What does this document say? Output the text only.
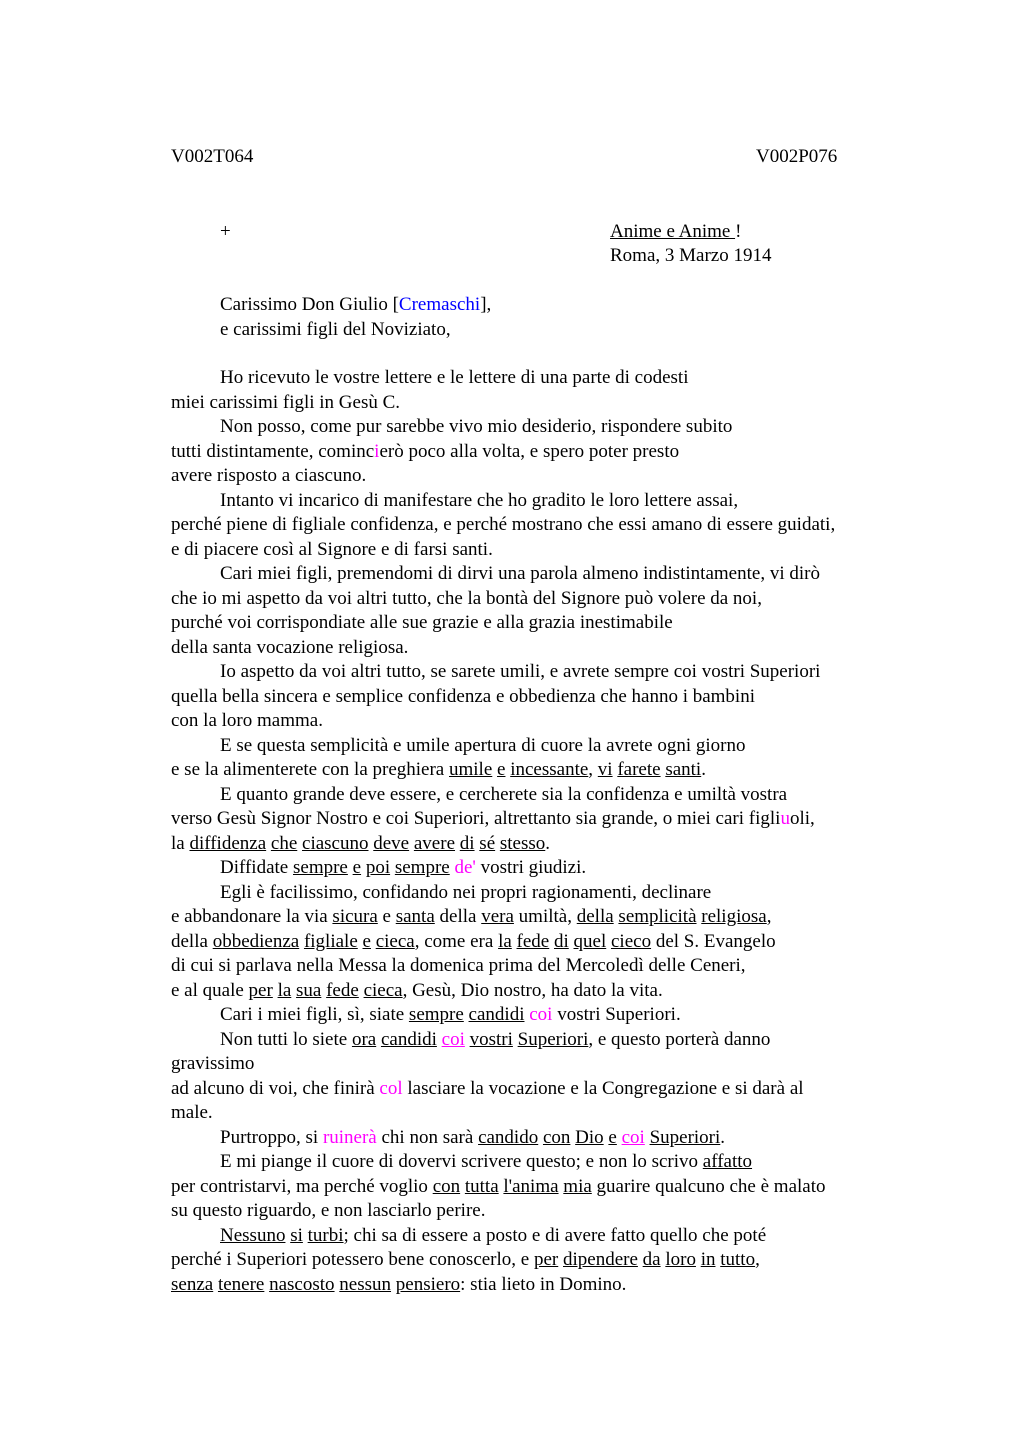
V002T064	V002P076
+	Anime e Anime !
Roma, 3 Marzo 1914
Carissimo Don Giulio [Cremaschi],
e carissimi figli del Noviziato,
Ho ricevuto le vostre lettere e le lettere di una parte di codesti
miei carissimi figli in Gesù C.
Non posso, come pur sarebbe vivo mio desiderio, rispondere subito
tutti distintamente, comincierò poco alla volta, e spero poter presto
avere risposto a ciascuno.
Intanto vi incarico di manifestare che ho gradito le loro lettere assai,
perché piene di figliale confidenza, e perché mostrano che essi amano di essere guidati,
e di piacere così al Signore e di farsi santi.
Cari miei figli, premendomi di dirvi una parola almeno indistintamente, vi dirò
che io mi aspetto da voi altri tutto, che la bontà del Signore può volere da noi,
purché voi corrispondiate alle sue grazie e alla grazia inestimabile
della santa vocazione religiosa.
Io aspetto da voi altri tutto, se sarete umili, e avrete sempre coi vostri Superiori
quella bella sincera e semplice confidenza e obbedienza che hanno i bambini
con la loro mamma.
E se questa semplicità e umile apertura di cuore la avrete ogni giorno
e se la alimenterete con la preghiera umile e incessante, vi farete santi.
E quanto grande deve essere, e cercherete sia la confidenza e umiltà vostra
verso Gesù Signor Nostro e coi Superiori, altrettanto sia grande, o miei cari figliuoli,
la diffidenza che ciascuno deve avere di sé stesso.
Diffidate sempre e poi sempre de' vostri giudizi.
Egli è facilissimo, confidando nei propri ragionamenti, declinare
e abbandonare la via sicura e santa della vera umiltà, della semplicità religiosa,
della obbedienza figliale e cieca, come era la fede di quel cieco del S. Evangelo
di cui si parlava nella Messa la domenica prima del Mercoledì delle Ceneri,
e al quale per la sua fede cieca, Gesù, Dio nostro, ha dato la vita.
Cari i miei figli, sì, siate sempre candidi coi vostri Superiori.
Non tutti lo siete ora candidi coi vostri Superiori, e questo porterà danno
gravissimo
ad alcuno di voi, che finirà col lasciare la vocazione e la Congregazione e si darà al
male.
Purtroppo, si ruinerà chi non sarà candido con Dio e coi Superiori.
E mi piange il cuore di dovervi scrivere questo; e non lo scrivo affatto
per contristarvi, ma perché voglio con tutta l'anima mia guarire qualcuno che è malato
su questo riguardo, e non lasciarlo perire.
Nessuno si turbi; chi sa di essere a posto e di avere fatto quello che poté
perché i Superiori potessero bene conoscerlo, e per dipendere da loro in tutto,
senza tenere nascosto nessun pensiero: stia lieto in Domino.
